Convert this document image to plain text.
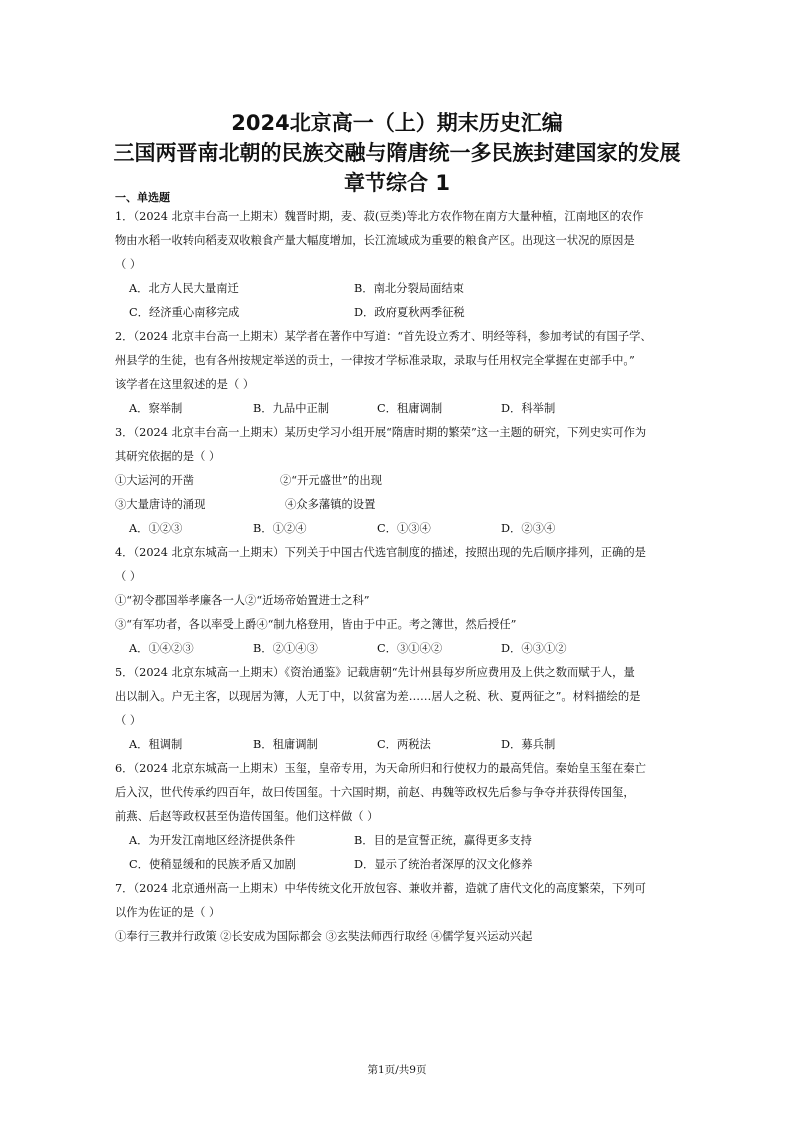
2024北京高一（上）期末历史汇编
三国两晋南北朝的民族交融与隋唐统一多民族封建国家的发展
章节综合 1
一、单选题
1．（2024 北京丰台高一上期末）魏晋时期，麦、菽(豆类)等北方农作物在南方大量种植，江南地区的农作
物由水稻一收转向稻麦双收粮食产量大幅度增加，长江流域成为重要的粮食产区。出现这一状况的原因是
（ ）
A．北方人民大量南迁	B．南北分裂局面结束
C．经济重心南移完成	D．政府夏秋两季征税
2．（2024 北京丰台高一上期末）某学者在著作中写道：“首先设立秀才、明经等科，参加考试的有国子学、
州县学的生徒，也有各州按规定举送的贡士，一律按才学标准录取，录取与任用权完全掌握在吏部手中。”
该学者在这里叙述的是（ ）
A．察举制	B．九品中正制	C．租庸调制	D．科举制
3．（2024 北京丰台高一上期末）某历史学习小组开展“隋唐时期的繁荣”这一主题的研究，下列史实可作为
其研究依据的是（ ）
①大运河的开凿	②“开元盛世”的出现
③大量唐诗的涌现	④众多藩镇的设置
A．①②③	B．①②④	C．①③④	D．②③④
4．（2024 北京东城高一上期末）下列关于中国古代选官制度的描述，按照出现的先后顺序排列，正确的是
（ ）
①“初令郡国举孝廉各一人②“近场帝始置进士之科”
③“有军功者，各以率受上爵④“制九格登用，皆由于中正。考之簿世，然后授任”
A．①④②③	B．②①④③	C．③①④②	D．④③①②
5．（2024 北京东城高一上期末）《资治通鉴》记载唐朝“先计州县每岁所应费用及上供之数而赋于人，量
出以制入。户无主客，以现居为簿，人无丁中，以贫富为差……居人之税、秋、夏两征之”。材料描绘的是
（ ）
A．租调制	B．租庸调制	C．两税法	D．募兵制
6．（2024 北京东城高一上期末）玉玺，皇帝专用，为天命所归和行使权力的最高凭信。秦始皇玉玺在秦亡
后入汉，世代传承约四百年，故曰传国玺。十六国时期，前赵、冉魏等政权先后参与争夺并获得传国玺，
前燕、后赵等政权甚至伪造传国玺。他们这样做（ ）
A．为开发江南地区经济提供条件	B．目的是宣誓正统，赢得更多支持
C．使稍显缓和的民族矛盾又加剧	D．显示了统治者深厚的汉文化修养
7．（2024 北京通州高一上期末）中华传统文化开放包容、兼收并蓄，造就了唐代文化的高度繁荣，下列可
以作为佐证的是（ ）
①奉行三教并行政策 ②长安成为国际都会 ③玄奘法师西行取经 ④儒学复兴运动兴起
第1页/共9页
